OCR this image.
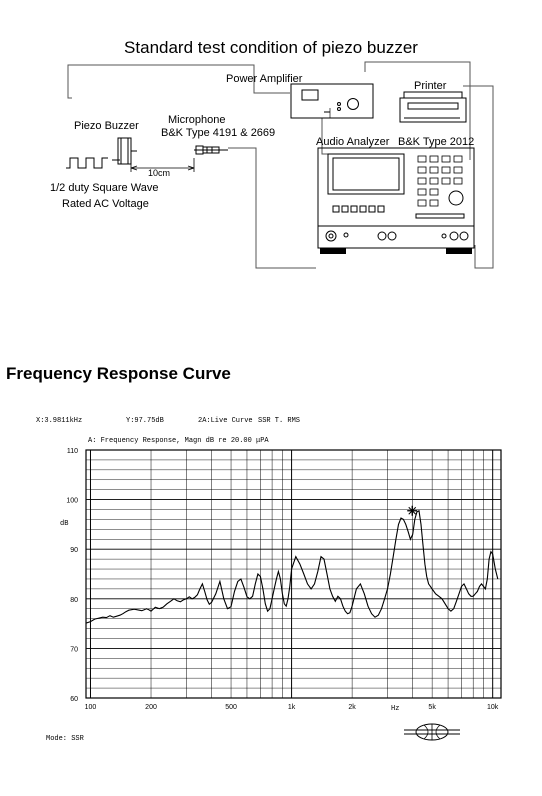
Standard test condition of piezo buzzer
Power Amplifier
Printer
Piezo Buzzer	Microphone
B&K Type 4191 & 2669
Audio Analyzer B&K Type 2012
10cm
1/2 duty Square Wave
Rated AC Voltage
Frequency Response Curve
X:3.9811kHz	Y:97.75dB	2A:Live Curve SSR T. RMS
A: Frequency Response, Magn dB re 20.00 μPA
dB
Hz
Mode: SSR
60
70
80
90
100
110
100	200	500	1k	2k	5k	10k
